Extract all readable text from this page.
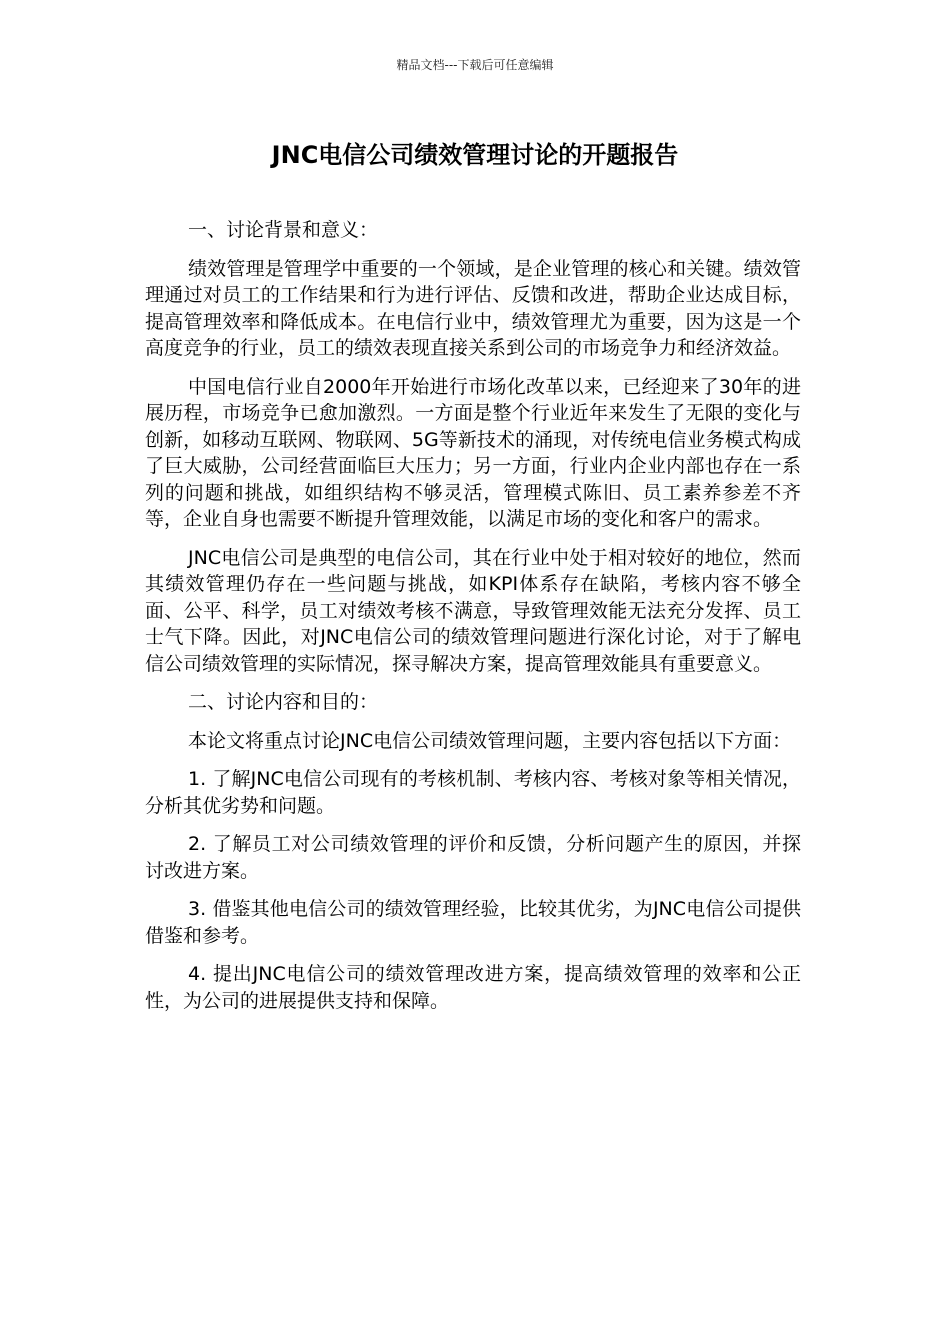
精品文档---下载后可任意编辑
JNC电信公司绩效管理讨论的开题报告

一、讨论背景和意义：

绩效管理是管理学中重要的一个领域，是企业管理的核心和关键。绩效管理通过对员工的工作结果和行为进行评估、反馈和改进，帮助企业达成目标，提高管理效率和降低成本。在电信行业中，绩效管理尤为重要，因为这是一个高度竞争的行业，员工的绩效表现直接关系到公司的市场竞争力和经济效益。

中国电信行业自2000年开始进行市场化改革以来，已经迎来了30年的进展历程，市场竞争已愈加激烈。一方面是整个行业近年来发生了无限的变化与创新，如移动互联网、物联网、5G等新技术的涌现，对传统电信业务模式构成了巨大威胁，公司经营面临巨大压力；另一方面，行业内企业内部也存在一系列的问题和挑战，如组织结构不够灵活，管理模式陈旧、员工素养参差不齐等，企业自身也需要不断提升管理效能，以满足市场的变化和客户的需求。

JNC电信公司是典型的电信公司，其在行业中处于相对较好的地位，然而其绩效管理仍存在一些问题与挑战，如KPI体系存在缺陷，考核内容不够全面、公平、科学，员工对绩效考核不满意，导致管理效能无法充分发挥、员工士气下降。因此，对JNC电信公司的绩效管理问题进行深化讨论，对于了解电信公司绩效管理的实际情况，探寻解决方案，提高管理效能具有重要意义。

二、讨论内容和目的：

本论文将重点讨论JNC电信公司绩效管理问题，主要内容包括以下方面：

1. 了解JNC电信公司现有的考核机制、考核内容、考核对象等相关情况，分析其优劣势和问题。

2. 了解员工对公司绩效管理的评价和反馈，分析问题产生的原因，并探讨改进方案。

3. 借鉴其他电信公司的绩效管理经验，比较其优劣，为JNC电信公司提供借鉴和参考。

4. 提出JNC电信公司的绩效管理改进方案，提高绩效管理的效率和公正性，为公司的进展提供支持和保障。
